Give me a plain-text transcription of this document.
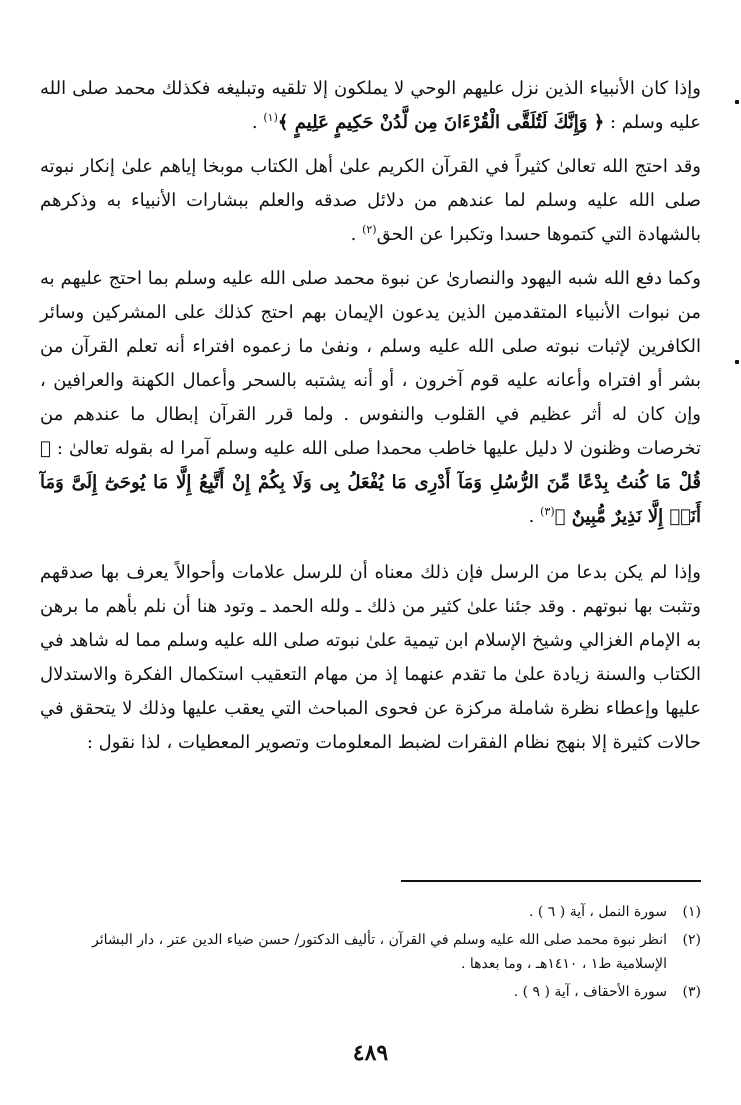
وإذا كان الأنبياء الذين نزل عليهم الوحي لا يملكون إلا تلقيه وتبليغه فكذلك محمد صلى الله عليه وسلم : ﴿ وَإِنَّكَ لَتُلَقَّى الْقُرْءَانَ مِن لَّدُنْ حَكِيمٍ عَلِيمٍ ﴾$^{(١)}$ .

وقد احتج الله تعالىٰ كثيراً في القرآن الكريم علىٰ أهل الكتاب موبخا إياهم علىٰ إنكار نبوته صلى الله عليه وسلم لما عندهم من دلائل صدقه والعلم ببشارات الأنبياء به وذكرهم بالشهادة التي كتموها حسدا وتكبرا عن الحق$^{(٢)}$ .

وكما دفع الله شبه اليهود والنصارىٰ عن نبوة محمد صلى الله عليه وسلم بما احتج عليهم به من نبوات الأنبياء المتقدمين الذين يدعون الإيمان بهم احتج كذلك على المشركين وسائر الكافرين لإثبات نبوته صلى الله عليه وسلم ، ونفىٰ ما زعموه افتراء أنه تعلم القرآن من بشر أو افتراه وأعانه عليه قوم آخرون ، أو أنه يشتبه بالسحر وأعمال الكهنة والعرافين ، وإن كان له أثر عظيم في القلوب والنفوس . ولما قرر القرآن إبطال ما عندهم من تخرصات وظنون لا دليل عليها خاطب محمدا صلى الله عليه وسلم آمرا له بقوله تعالىٰ : ﴿ قُلْ مَا كُنتُ بِدْعًا مِّنَ الرُّسُلِ وَمَآ أَدْرِى مَا يُفْعَلُ بِى وَلَا بِكُمْ إِنْ أَتَّبِعُ إِلَّا مَا يُوحَىٰٓ إِلَىَّ وَمَآ أَنَا۠ إِلَّا نَذِيرٌ مُّبِينٌ ﴾$^{(٣)}$ .

وإذا لم يكن بدعا من الرسل فإن ذلك معناه أن للرسل علامات وأحوالاً يعرف بها صدقهم وتثبت بها نبوتهم . وقد جئنا علىٰ كثير من ذلك ـ ولله الحمد ـ وتود هنا أن نلم بأهم ما برهن به الإمام الغزالي وشيخ الإسلام ابن تيمية علىٰ نبوته صلى الله عليه وسلم مما له شاهد في الكتاب والسنة زيادة علىٰ ما تقدم عنهما إذ من مهام التعقيب استكمال الفكرة والاستدلال عليها وإعطاء نظرة شاملة مركزة عن فحوى المباحث التي يعقب عليها وذلك لا يتحقق في حالات كثيرة إلا بنهج نظام الفقرات لضبط المعلومات وتصوير المعطيات ، لذا نقول :

(١)
سورة النمل ، آية ( ٦ ) .
(٢)
انظر نبوة محمد صلى الله عليه وسلم في القرآن ، تأليف الدكتور/ حسن ضياء الدين عتر ، دار البشائر الإسلامية ط١ ، ١٤١٠هـ ، وما بعدها .
(٣)
سورة الأحقاف ، آية ( ٩ ) .
٤٨٩
